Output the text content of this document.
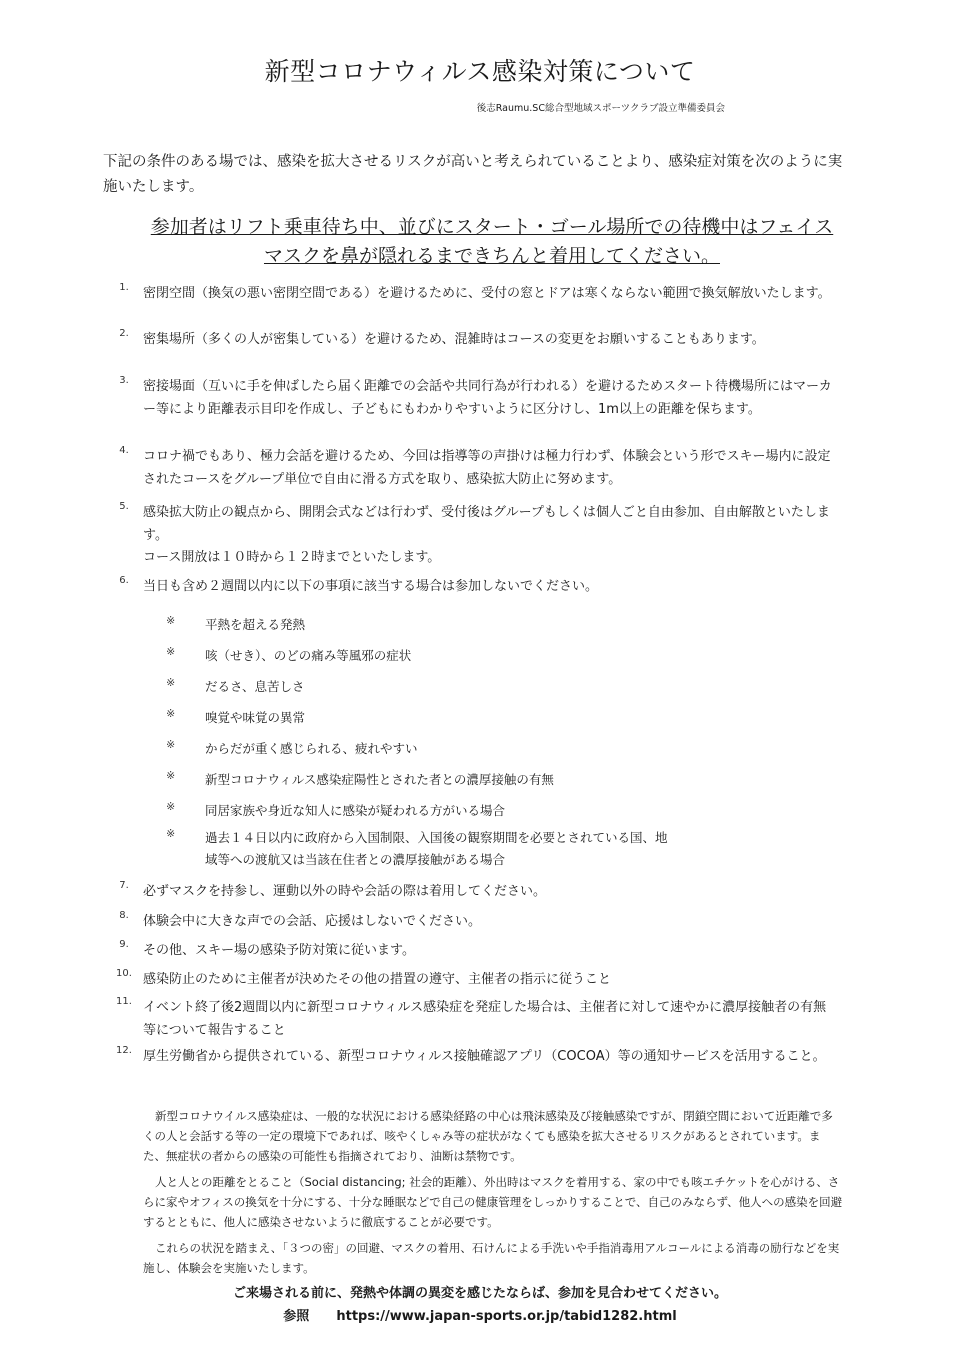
新型コロナウィルス感染対策について
後志Raumu.SC総合型地域スポーツクラブ設立準備委員会
下記の条件のある場では、感染を拡大させるリスクが高いと考えられていることより、感染症対策を次のように実施いたします。
参加者はリフト乗車待ち中、並びにスタート・ゴール場所での待機中はフェイスマスクを鼻が隠れるまできちんと着用してください。
1.	密閉空間（換気の悪い密閉空間である）を避けるために、受付の窓とドアは寒くならない範囲で換気解放いたします。
2.	密集場所（多くの人が密集している）を避けるため、混雑時はコースの変更をお願いすることもあります。
3.	密接場面（互いに手を伸ばしたら届く距離での会話や共同行為が行われる）を避けるためスタート待機場所にはマーカー等により距離表示目印を作成し、子どもにもわかりやすいように区分けし、1m以上の距離を保ちます。
4.	コロナ禍でもあり、極力会話を避けるため、今回は指導等の声掛けは極力行わず、体験会という形でスキー場内に設定されたコースをグループ単位で自由に滑る方式を取り、感染拡大防止に努めます。
5.	感染拡大防止の観点から、開閉会式などは行わず、受付後はグループもしくは個人ごと自由参加、自由解散といたします。
コース開放は１０時から１２時までといたします。
6.	当日も含め２週間以内に以下の事項に該当する場合は参加しないでください。
※ 平熱を超える発熱
※ 咳（せき）、のどの痛み等風邪の症状
※ だるさ、息苦しさ
※ 嗅覚や味覚の異常
※ からだが重く感じられる、疲れやすい
※ 新型コロナウィルス感染症陽性とされた者との濃厚接触の有無
※ 同居家族や身近な知人に感染が疑われる方がいる場合
※ 過去１４日以内に政府から入国制限、入国後の観察期間を必要とされている国、地域等への渡航又は当該在住者との濃厚接触がある場合
7.	必ずマスクを持参し、運動以外の時や会話の際は着用してください。
8.	体験会中に大きな声での会話、応援はしないでください。
9.	その他、スキー場の感染予防対策に従います。
10. 感染防止のために主催者が決めたその他の措置の遵守、主催者の指示に従うこと
11. イベント終了後2週間以内に新型コロナウィルス感染症を発症した場合は、主催者に対して速やかに濃厚接触者の有無等について報告すること
12. 厚生労働省から提供されている、新型コロナウィルス接触確認アプリ（COCOA）等の通知サービスを活用すること。
新型コロナウイルス感染症は、一般的な状況における感染経路の中心は飛沫感染及び接触感染ですが、閉鎖空間において近距離で多くの人と会話する等の一定の環境下であれば、咳やくしゃみ等の症状がなくても感染を拡大させるリスクがあるとされています。また、無症状の者からの感染の可能性も指摘されており、油断は禁物です。
人と人との距離をとること（Social distancing; 社会的距離）、外出時はマスクを着用する、家の中でも咳エチケットを心がける、さらに家やオフィスの換気を十分にする、十分な睡眠などで自己の健康管理をしっかりすることで、自己のみならず、他人への感染を回避するとともに、他人に感染させないように徹底することが必要です。
これらの状況を踏まえ、「３つの密」の回避、マスクの着用、石けんによる手洗いや手指消毒用アルコールによる消毒の励行などを実施し、体験会を実施いたします。
ご来場される前に、発熱や体調の異変を感じたならば、参加を見合わせてください。
参照 https://www.japan-sports.or.jp/tabid1282.html
